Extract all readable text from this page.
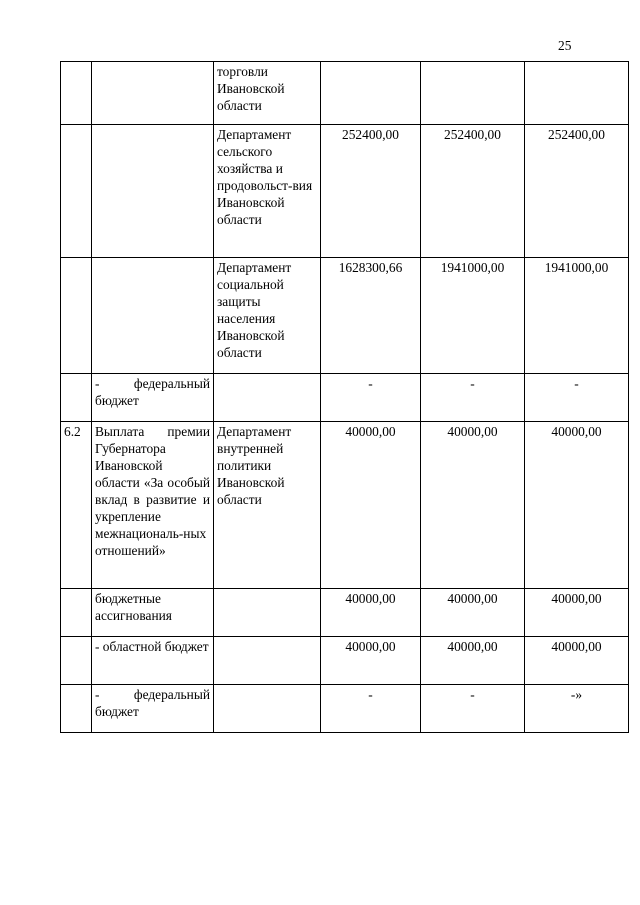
25
		торговли Ивановской области			
		Департамент сельского хозяйства и продовольст-вия Ивановской области	252400,00	252400,00	252400,00
		Департамент социальной защиты населения Ивановской области	1628300,66	1941000,00	1941000,00
	- федеральный бюджет		-	-	-
6.2	Выплата премии Губернатора Ивановской области «За особый вклад в развитие и укрепление межнациональ-ных отношений»	Департамент внутренней политики Ивановской области	40000,00	40000,00	40000,00
	бюджетные ассигнования		40000,00	40000,00	40000,00
	- областной бюджет		40000,00	40000,00	40000,00
	- федеральный бюджет		-	-	-»
